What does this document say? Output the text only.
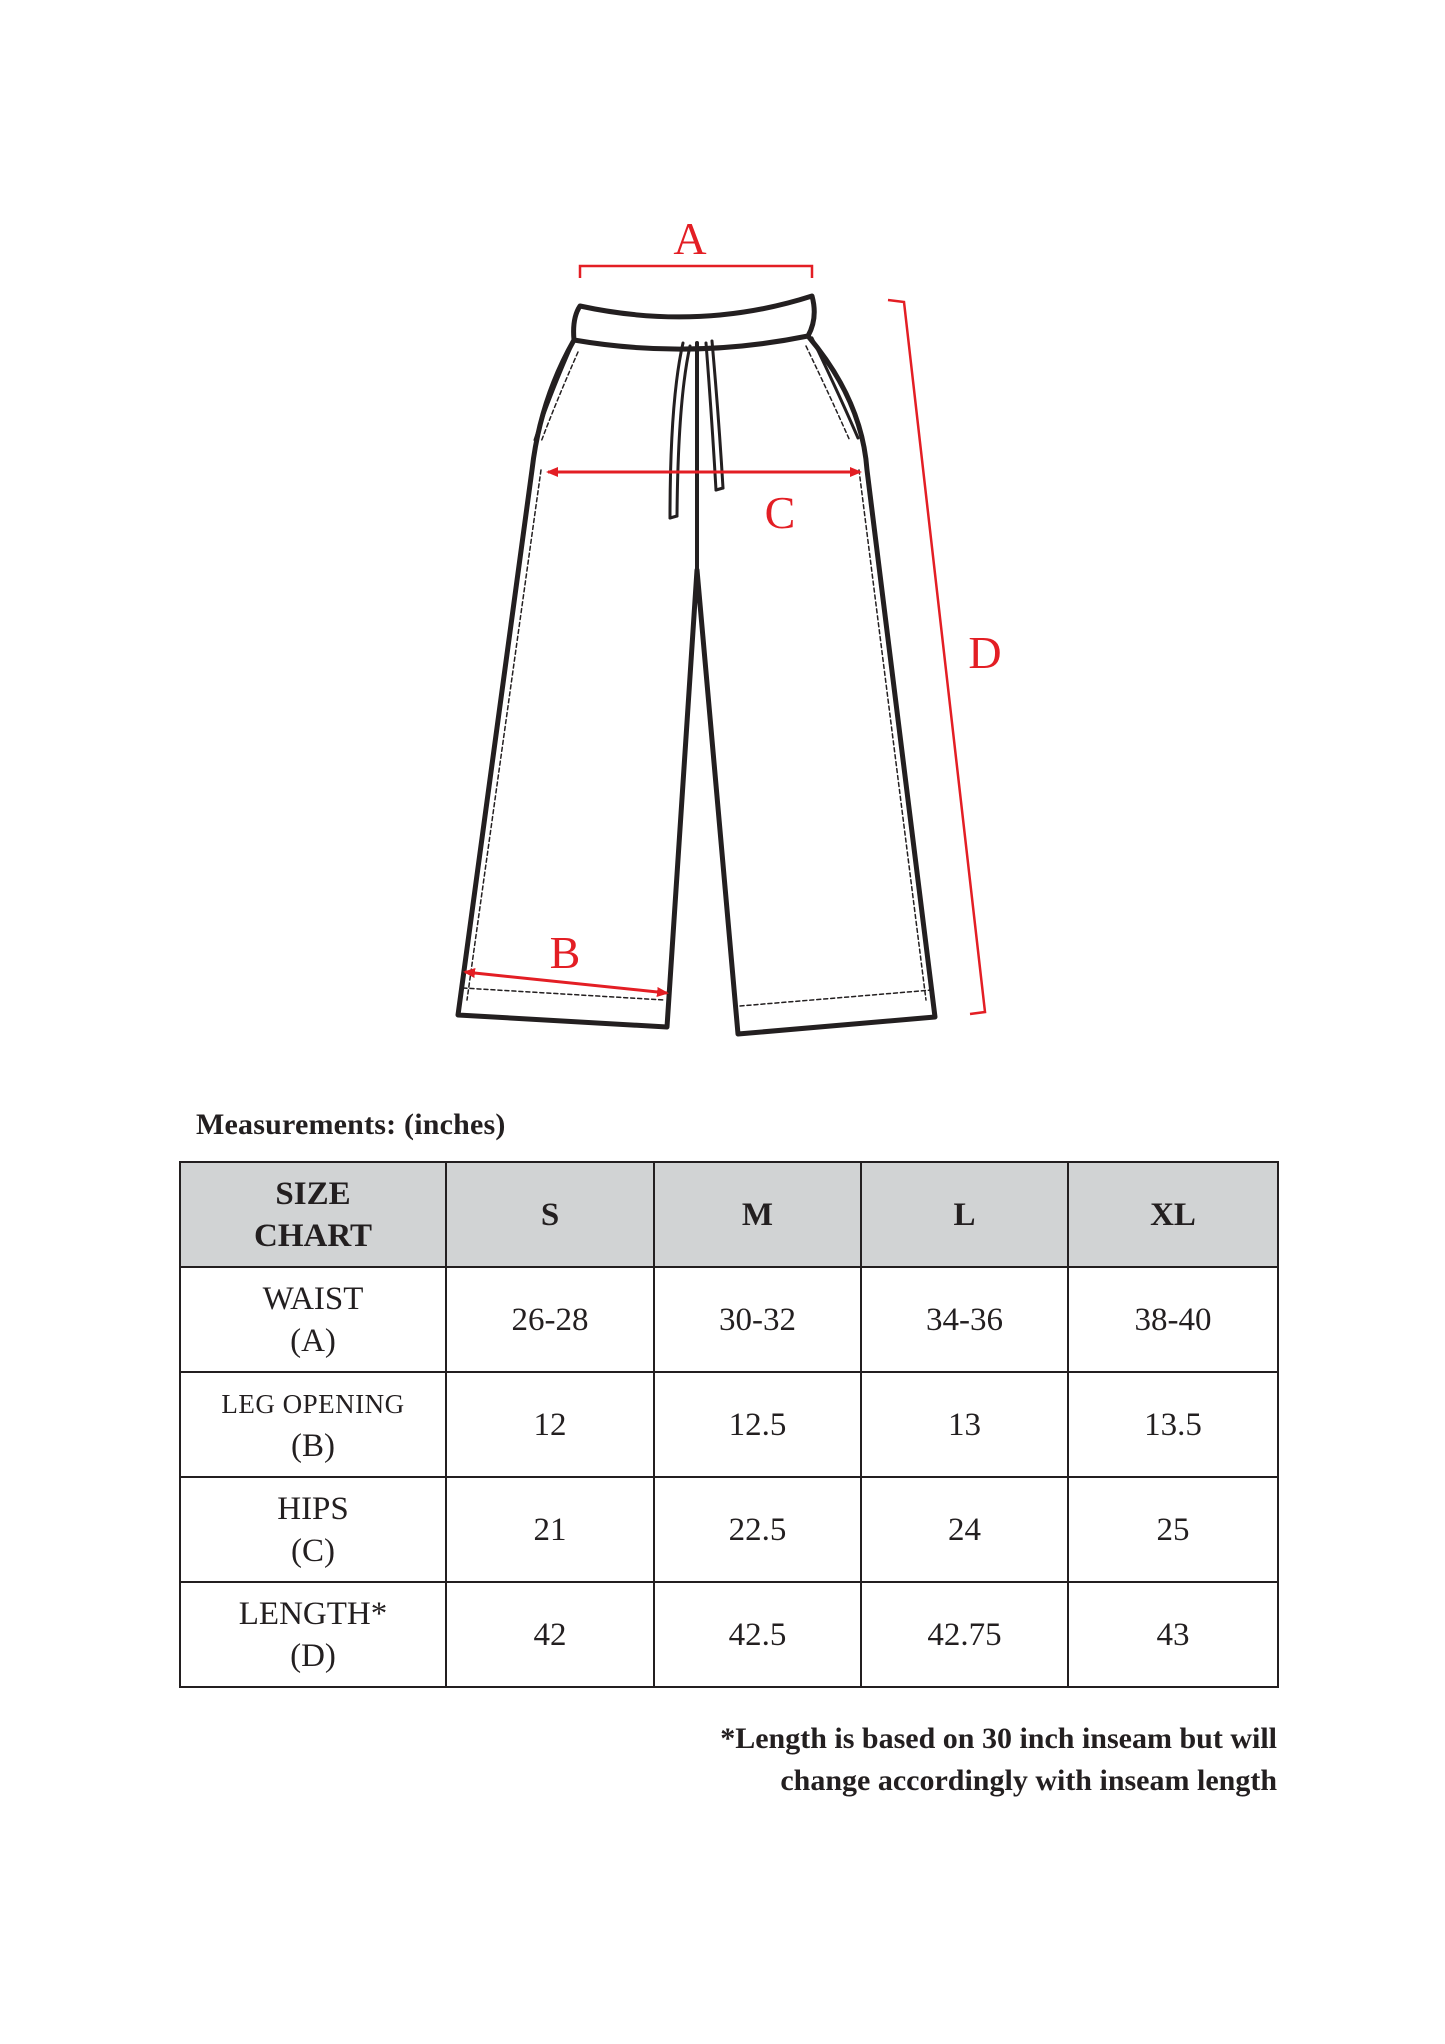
A
C
B
D
Measurements: (inches)
SIZE
CHART	S	M	L	XL

WAIST
(A)	26-28	30-32	34-36	38-40

LEG OPENING
(B)	12	12.5	13	13.5

HIPS
(C)	21	22.5	24	25

LENGTH*
(D)	42	42.5	42.75	43
*Length is based on 30 inch inseam but will
change accordingly with inseam length
